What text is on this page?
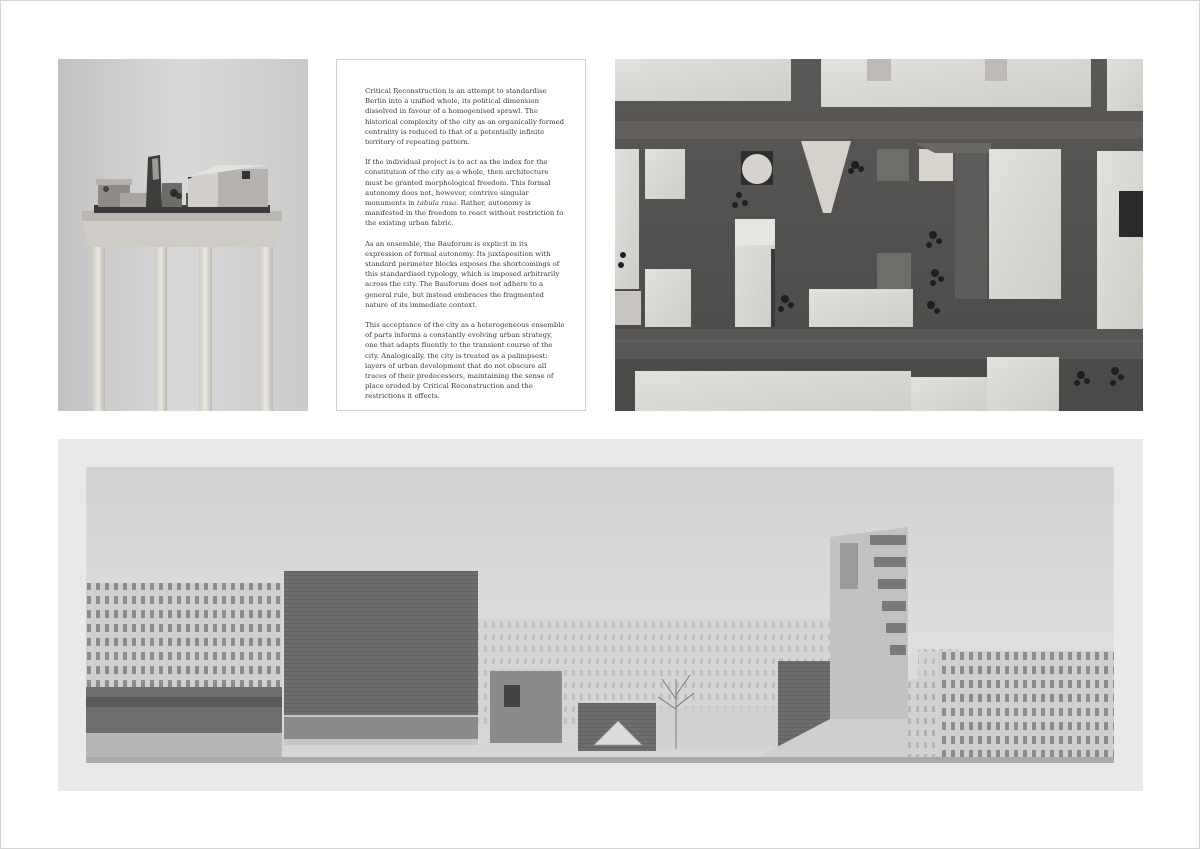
Critical Reconstruction is an attempt to standardise Berlin into a unified whole, its political dimension dissolved in favour of a homogenised sprawl. The historical complexity of the city as an organically formed centrality is reduced to that of a potentially infinite territory of repeating pattern.

If the individual project is to act as the index for the constitution of the city as a whole, then architecture must be granted morphological freedom. This formal autonomy does not, however, contrive singular monuments in tabula rasa. Rather, autonomy is manifested in the freedom to react without restriction to the existing urban fabric.

As an ensemble, the Bauforum is explicit in its expression of formal autonomy. Its juxtaposition with standard perimeter blocks exposes the shortcomings of this standardised typology, which is imposed arbitrarily across the city. The Bauforum does not adhere to a general rule, but instead embraces the fragmented nature of its immediate context.

This acceptance of the city as a heterogeneous ensemble of parts informs a constantly evolving urban strategy, one that adapts fluently to the transient course of the city. Analogically, the city is treated as a palimpsest: layers of urban development that do not obscure all traces of their predecessors, maintaining the sense of place eroded by Critical Reconstruction and the restrictions it effects.
